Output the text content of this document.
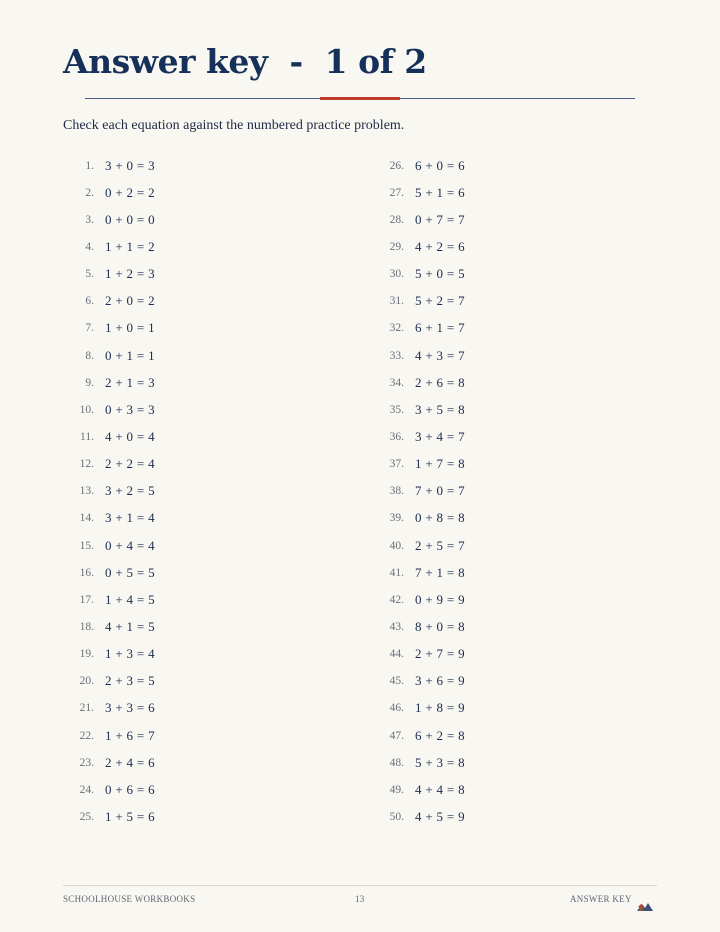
Answer key  -  1 of 2
Check each equation against the numbered practice problem.
1. 3 + 0 = 3
2. 0 + 2 = 2
3. 0 + 0 = 0
4. 1 + 1 = 2
5. 1 + 2 = 3
6. 2 + 0 = 2
7. 1 + 0 = 1
8. 0 + 1 = 1
9. 2 + 1 = 3
10. 0 + 3 = 3
11. 4 + 0 = 4
12. 2 + 2 = 4
13. 3 + 2 = 5
14. 3 + 1 = 4
15. 0 + 4 = 4
16. 0 + 5 = 5
17. 1 + 4 = 5
18. 4 + 1 = 5
19. 1 + 3 = 4
20. 2 + 3 = 5
21. 3 + 3 = 6
22. 1 + 6 = 7
23. 2 + 4 = 6
24. 0 + 6 = 6
25. 1 + 5 = 6
26. 6 + 0 = 6
27. 5 + 1 = 6
28. 0 + 7 = 7
29. 4 + 2 = 6
30. 5 + 0 = 5
31. 5 + 2 = 7
32. 6 + 1 = 7
33. 4 + 3 = 7
34. 2 + 6 = 8
35. 3 + 5 = 8
36. 3 + 4 = 7
37. 1 + 7 = 8
38. 7 + 0 = 7
39. 0 + 8 = 8
40. 2 + 5 = 7
41. 7 + 1 = 8
42. 0 + 9 = 9
43. 8 + 0 = 8
44. 2 + 7 = 9
45. 3 + 6 = 9
46. 1 + 8 = 9
47. 6 + 2 = 8
48. 5 + 3 = 8
49. 4 + 4 = 8
50. 4 + 5 = 9
SCHOOLHOUSE WORKBOOKS	13	ANSWER KEY
